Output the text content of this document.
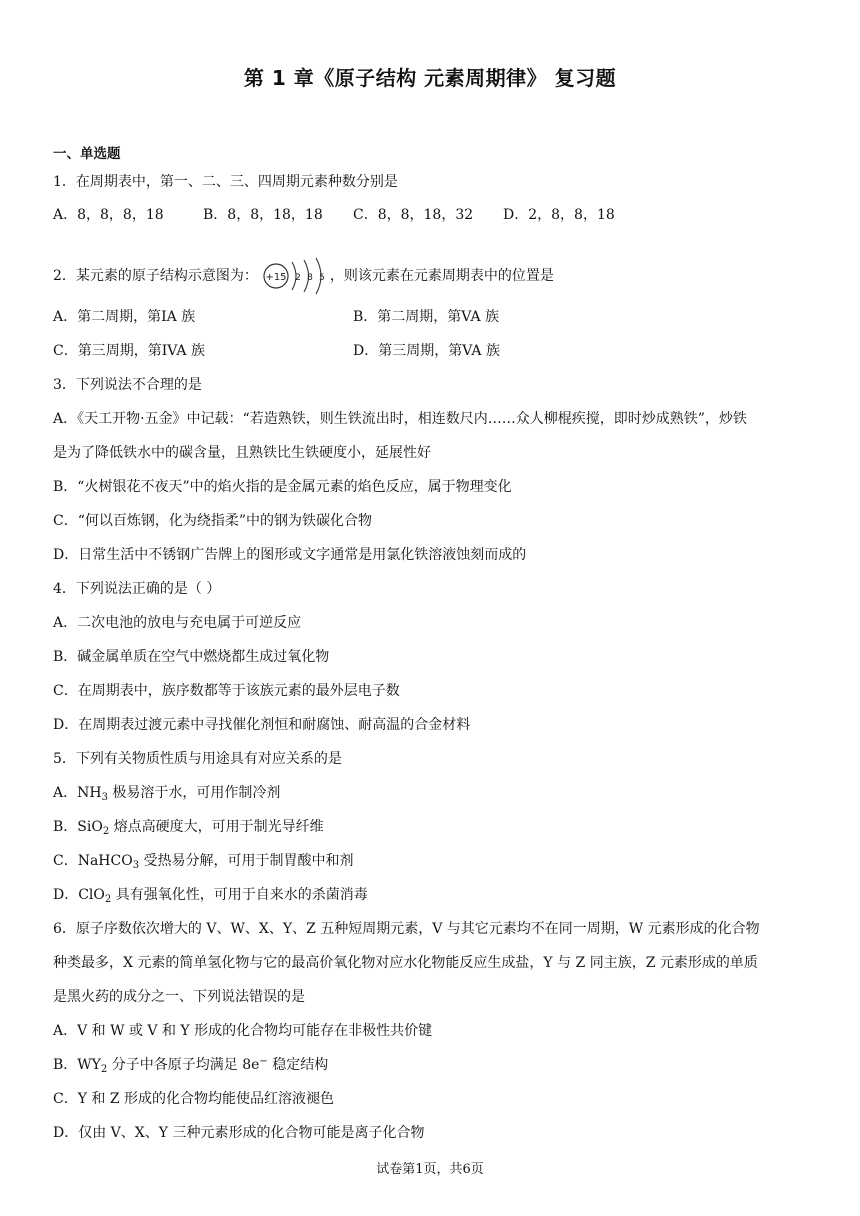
第 1 章《原子结构 元素周期律》 复习题
一、单选题
1．在周期表中，第一、二、三、四周期元素种数分别是
A．8，8，8，18	B．8，8，18，18 C．8，8，18，32 D．2，8，8，18
2．某元素的原子结构示意图为： +15 2 8 5 ，则该元素在元素周期表中的位置是
A．第二周期，第IA 族	B．第二周期，第VA 族
C．第三周期，第IVA 族	D．第三周期，第VA 族
3．下列说法不合理的是
A．《天工开物·五金》中记载：“若造熟铁，则生铁流出时，相连数尺内……众人柳棍疾搅，即时炒成熟铁”，炒铁
是为了降低铁水中的碳含量，且熟铁比生铁硬度小，延展性好
B．“火树银花不夜天”中的焰火指的是金属元素的焰色反应，属于物理变化
C．“何以百炼钢，化为绕指柔”中的钢为铁碳化合物
D．日常生活中不锈钢广告牌上的图形或文字通常是用氯化铁溶液蚀刻而成的
4．下列说法正确的是（ ）
A．二次电池的放电与充电属于可逆反应
B．碱金属单质在空气中燃烧都生成过氧化物
C．在周期表中，族序数都等于该族元素的最外层电子数
D．在周期表过渡元素中寻找催化剂恒和耐腐蚀、耐高温的合金材料
5．下列有关物质性质与用途具有对应关系的是
A．$NH_3$ 极易溶于水，可用作制冷剂
B．SiO$_2$ 熔点高硬度大，可用于制光导纤维
C．NaHCO$_3$ 受热易分解，可用于制胃酸中和剂
D．ClO$_2$ 具有强氧化性，可用于自来水的杀菌消毒
6．原子序数依次增大的 V、W、X、Y、Z 五种短周期元素，V 与其它元素均不在同一周期，W 元素形成的化合物
种类最多，X 元素的简单氢化物与它的最高价氧化物对应水化物能反应生成盐，Y 与 Z 同主族，Z 元素形成的单质
是黑火药的成分之一、下列说法错误的是
A．V 和 W 或 V 和 Y 形成的化合物均可能存在非极性共价键
B．$WY_2$ 分子中各原子均满足 8e− 稳定结构
C．Y 和 Z 形成的化合物均能使品红溶液褪色
D．仅由 V、X、Y 三种元素形成的化合物可能是离子化合物
试卷第1页，共6页
